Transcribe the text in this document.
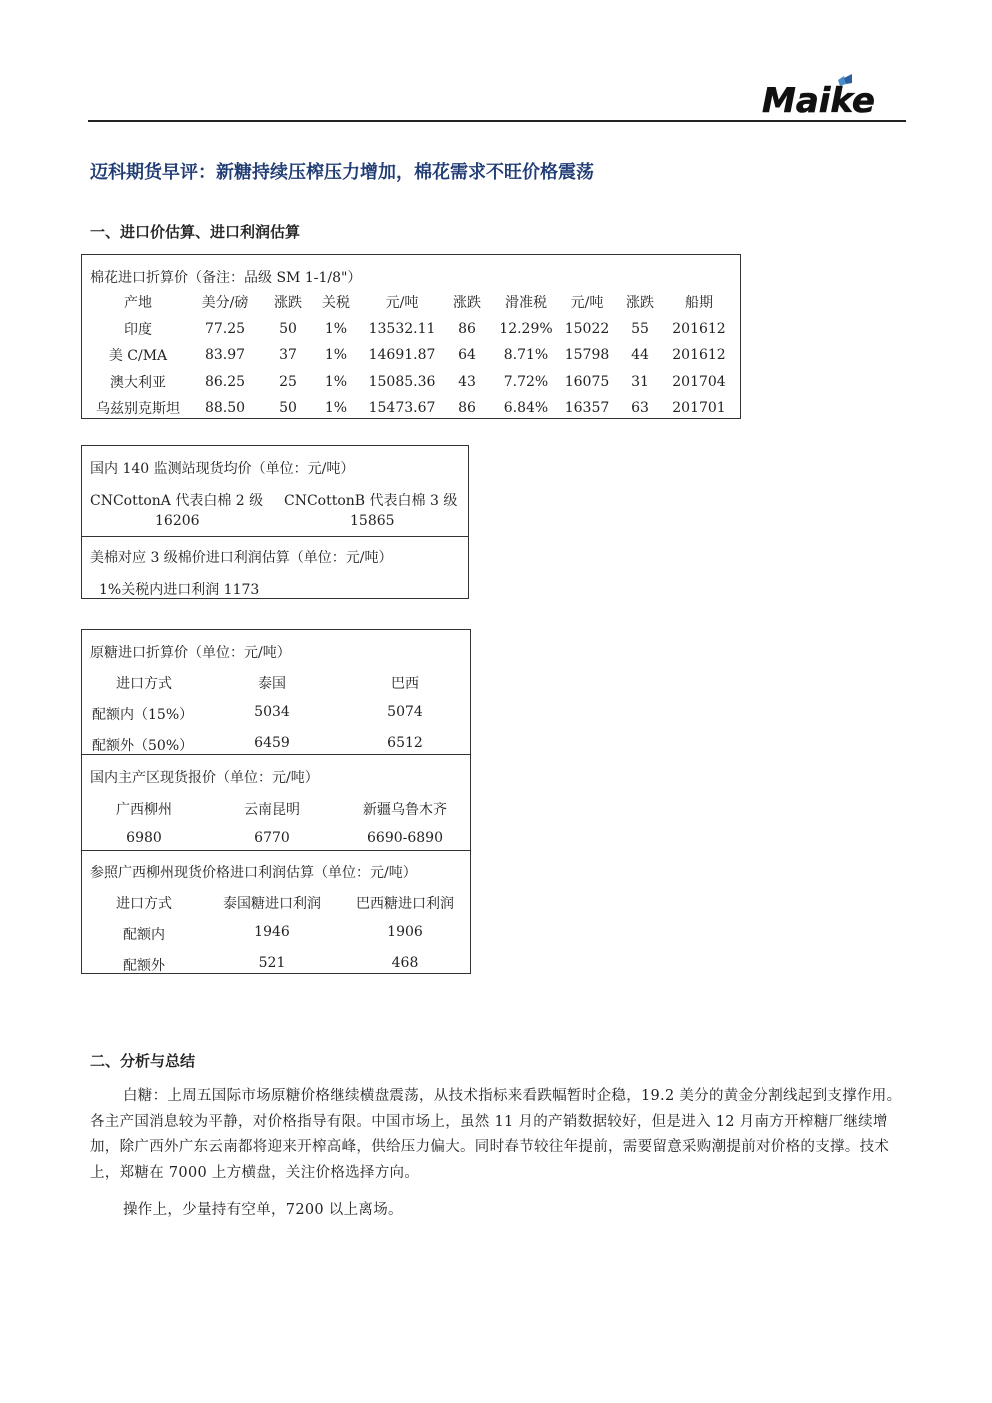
Maike
迈科期货早评：新糖持续压榨压力增加，棉花需求不旺价格震荡
一、进口价估算、进口利润估算
棉花进口折算价（备注：品级 SM 1-1/8"）
产地	美分/磅	涨跌	关税	元/吨	涨跌	滑准税	元/吨	涨跌	船期
印度	77.25	50	1%	13532.11	86	12.29%	15022	55	201612
美 C/MA	83.97	37	1%	14691.87	64	8.71%	15798	44	201612
澳大利亚	86.25	25	1%	15085.36	43	7.72%	16075	31	201704
乌兹别克斯坦	88.50	50	1%	15473.67	86	6.84%	16357	63	201701
国内 140 监测站现货均价（单位：元/吨）
CNCottonA 代表白棉 2 级 CNCottonB 代表白棉 3 级
16206	15865
美棉对应 3 级棉价进口利润估算（单位：元/吨）
1%关税内进口利润 1173
原糖进口折算价（单位：元/吨）
进口方式	泰国	巴西
配额内（15%）	5034	5074
配额外（50%）	6459	6512
国内主产区现货报价（单位：元/吨）
广西柳州	云南昆明	新疆乌鲁木齐
6980	6770	6690-6890
参照广西柳州现货价格进口利润估算（单位：元/吨）
进口方式	泰国糖进口利润	巴西糖进口利润
配额内	1946	1906
配额外	521	468
二、分析与总结
白糖：上周五国际市场原糖价格继续横盘震荡，从技术指标来看跌幅暂时企稳，19.2 美分的黄金分割线起到支撑作用。各主产国消息较为平静，对价格指导有限。中国市场上，虽然 11 月的产销数据较好，但是进入 12 月南方开榨糖厂继续增加，除广西外广东云南都将迎来开榨高峰，供给压力偏大。同时春节较往年提前，需要留意采购潮提前对价格的支撑。技术上，郑糖在 7000 上方横盘，关注价格选择方向。
操作上，少量持有空单，7200 以上离场。
